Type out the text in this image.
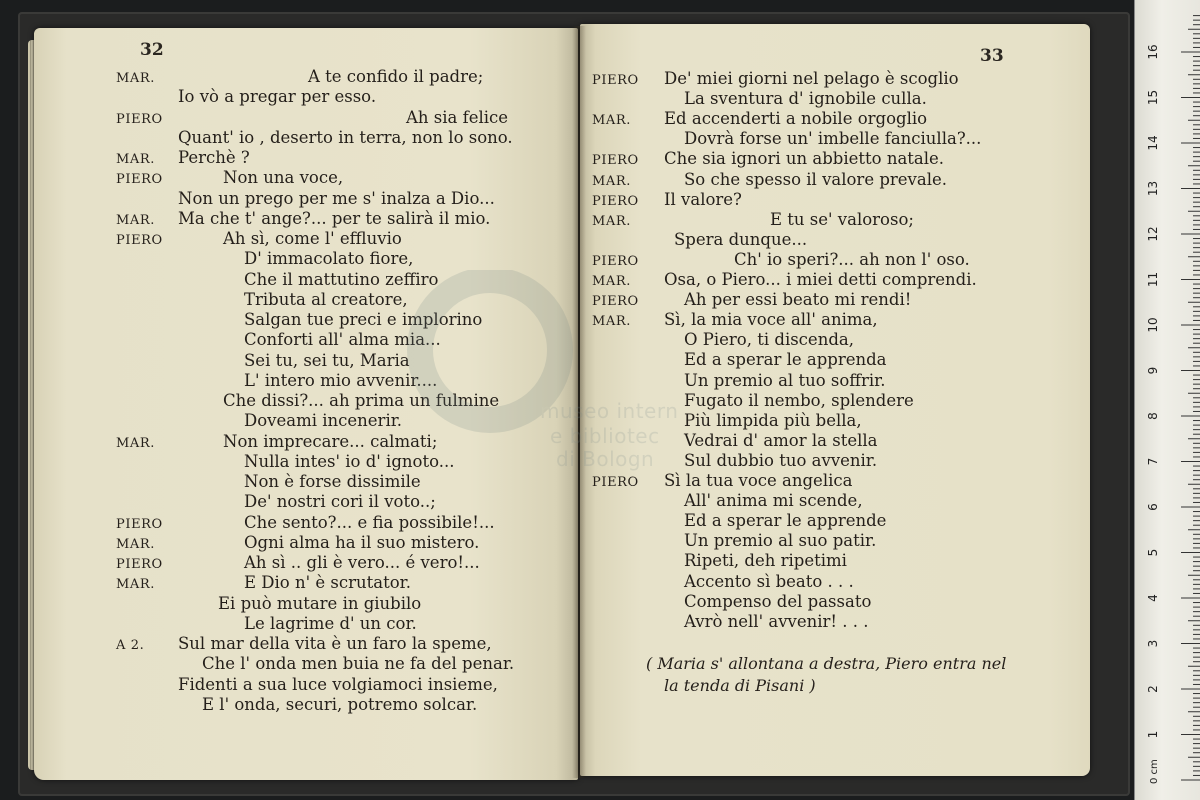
32
MAR.
PIERO
MAR.
PIERO
MAR.
PIERO
MAR.
PIERO
MAR.
PIERO
MAR.
A 2.
A te confido il padre;
Io vò a pregar per esso.
Ah sia felice
Quant' io , deserto in terra, non lo sono.
Perchè ?
Non una voce,
Non un prego per me s' inalza a Dio...
Ma che t' ange?... per te salirà il mio.
Ah sì, come l' effluvio
D' immacolato fiore,
Che il mattutino zeffiro
Tributa al creatore,
Salgan tue preci e implorino
Conforti all' alma mia...
Sei tu, sei tu, Maria
L' intero mio avvenir....
Che dissi?... ah prima un fulmine
Doveami incenerir.
Non imprecare... calmati;
Nulla intes' io d' ignoto...
Non è forse dissimile
De' nostri cori il voto..;
Che sento?... e fia possibile!...
Ogni alma ha il suo mistero.
Ah sì .. gli è vero... é vero!...
E Dio n' è scrutator.
Ei può mutare in giubilo
Le lagrime d' un cor.
Sul mar della vita è un faro la speme,
Che l' onda men buia ne fa del penar.
Fidenti a sua luce volgiamoci insieme,
E l' onda, securi, potremo solcar.
33
PIERO
MAR.
PIERO
MAR.
PIERO
MAR.
PIERO
MAR.
PIERO
MAR.
PIERO
De' miei giorni nel pelago è scoglio
La sventura d' ignobile culla.
Ed accenderti a nobile orgoglio
Dovrà forse un' imbelle fanciulla?...
Che sia ignori un abbietto natale.
So che spesso il valore prevale.
Il valore?
E tu se' valoroso;
Spera dunque...
Ch' io speri?... ah non l' oso.
Osa, o Piero... i miei detti comprendi.
Ah per essi beato mi rendi!
Sì, la mia voce all' anima,
O Piero, ti discenda,
Ed a sperar le apprenda
Un premio al tuo soffrir.
Fugato il nembo, splendere
Più limpida più bella,
Vedrai d' amor la stella
Sul dubbio tuo avvenir.
Sì la tua voce angelica
All' anima mi scende,
Ed a sperar le apprende
Un premio al suo patir.
Ripeti, deh ripetimi
Accento sì beato . . .
Compenso del passato
Avrò nell' avvenir! . . .
( Maria s' allontana a destra, Piero entra nel
la tenda di Pisani )
1
2
3
4
5
6
7
8
9
10
11
12
13
14
15
16
0 cm
